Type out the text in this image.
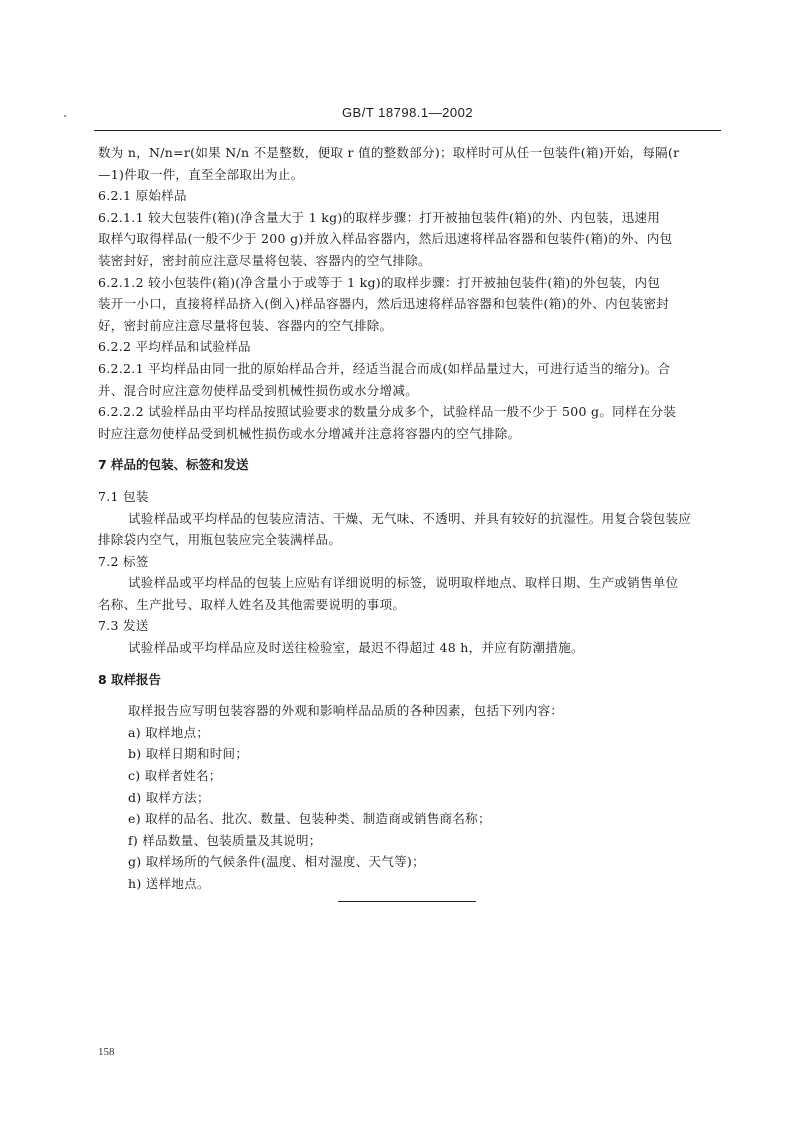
GB/T 18798.1—2002
数为 n，N/n=r(如果 N/n 不是整数，便取 r 值的整数部分)；取样时可从任一包装件(箱)开始，每隔(r
—1)件取一件，直至全部取出为止。
6.2.1 原始样品
6.2.1.1 较大包装件(箱)(净含量大于 1 kg)的取样步骤：打开被抽包装件(箱)的外、内包装，迅速用
取样勺取得样品(一般不少于 200 g)并放入样品容器内，然后迅速将样品容器和包装件(箱)的外、内包
装密封好，密封前应注意尽量将包装、容器内的空气排除。
6.2.1.2 较小包装件(箱)(净含量小于或等于 1 kg)的取样步骤：打开被抽包装件(箱)的外包装，内包
装开一小口，直接将样品挤入(倒入)样品容器内，然后迅速将样品容器和包装件(箱)的外、内包装密封
好，密封前应注意尽量将包装、容器内的空气排除。
6.2.2 平均样品和试验样品
6.2.2.1 平均样品由同一批的原始样品合并，经适当混合而成(如样品量过大，可进行适当的缩分)。合
并、混合时应注意勿使样品受到机械性损伤或水分增减。
6.2.2.2 试验样品由平均样品按照试验要求的数量分成多个，试验样品一般不少于 500 g。同样在分装
时应注意勿使样品受到机械性损伤或水分增减并注意将容器内的空气排除。
7 样品的包装、标签和发送
7.1 包装
试验样品或平均样品的包装应清洁、干燥、无气味、不透明、并具有较好的抗湿性。用复合袋包装应
排除袋内空气，用瓶包装应完全装满样品。
7.2 标签
试验样品或平均样品的包装上应贴有详细说明的标签，说明取样地点、取样日期、生产或销售单位
名称、生产批号、取样人姓名及其他需要说明的事项。
7.3 发送
试验样品或平均样品应及时送往检验室，最迟不得超过 48 h，并应有防潮措施。
8 取样报告
取样报告应写明包装容器的外观和影响样品品质的各种因素，包括下列内容：
a) 取样地点；
b) 取样日期和时间；
c) 取样者姓名；
d) 取样方法；
e) 取样的品名、批次、数量、包装种类、制造商或销售商名称；
f) 样品数量、包装质量及其说明；
g) 取样场所的气候条件(温度、相对湿度、天气等)；
h) 送样地点。
158
